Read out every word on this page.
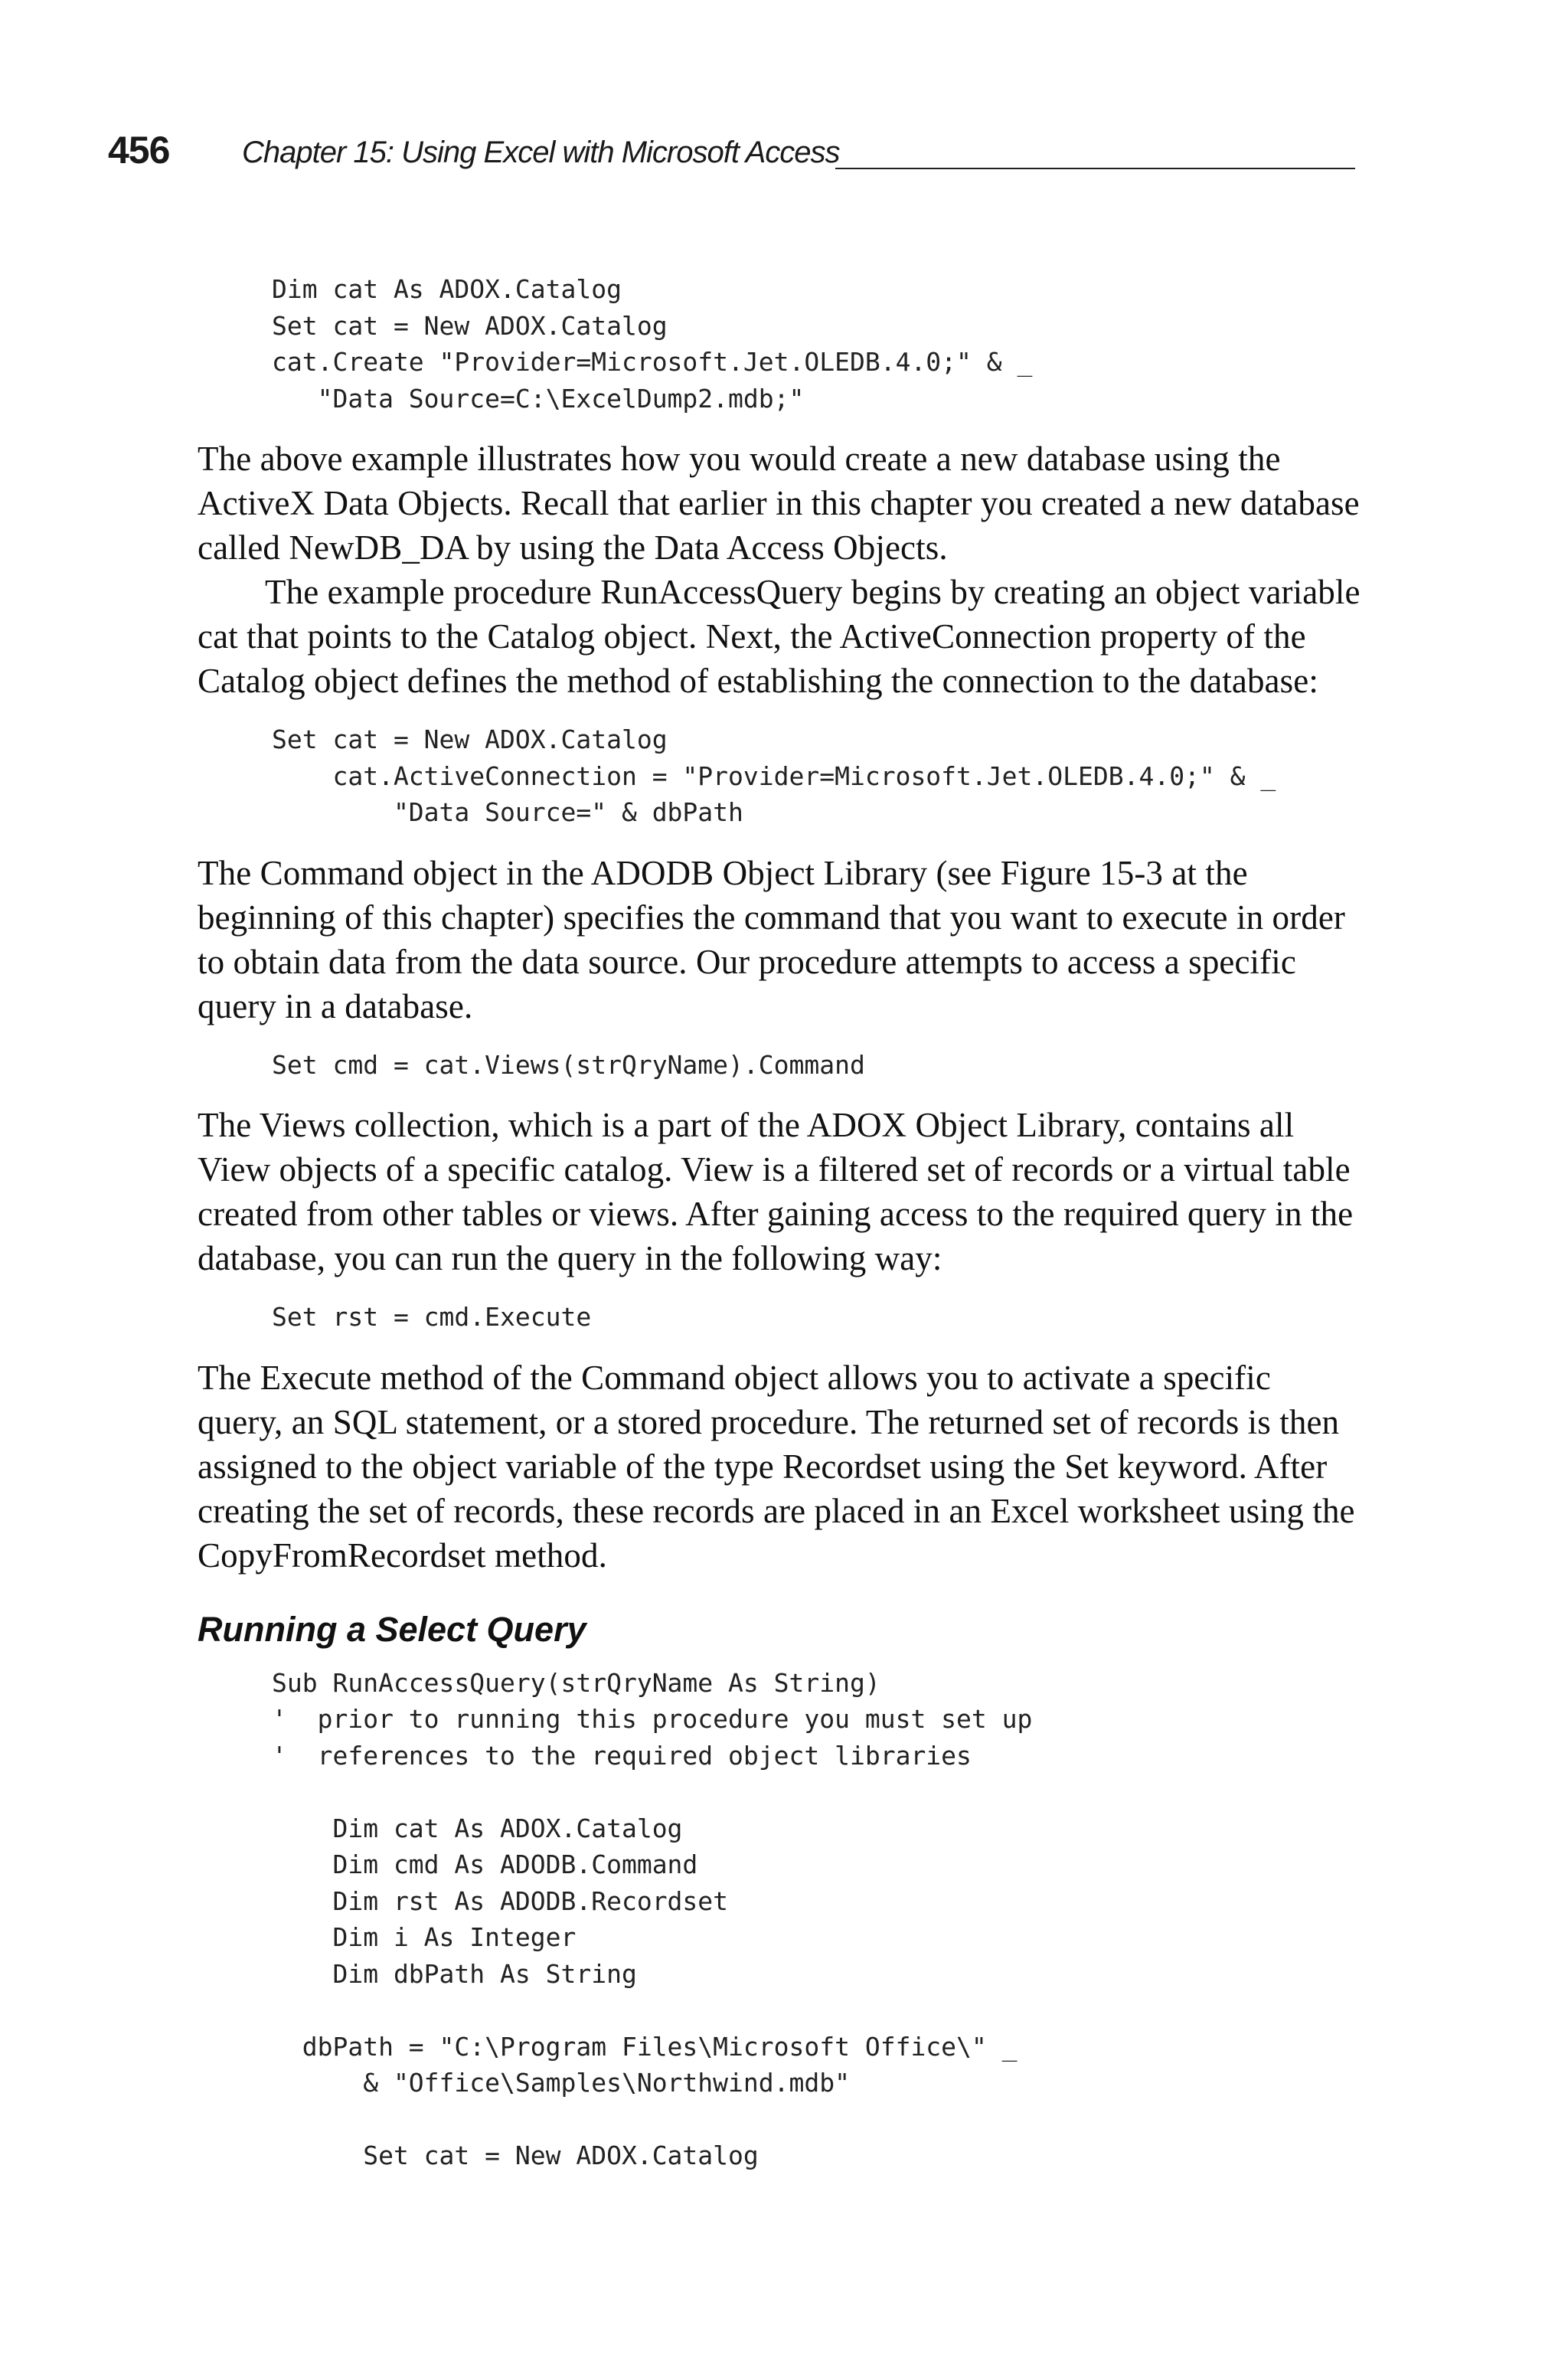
456 Chapter 15: Using Excel with Microsoft Access
Dim cat As ADOX.Catalog
Set cat = New ADOX.Catalog
cat.Create "Provider=Microsoft.Jet.OLEDB.4.0;" & _
"Data Source=C:\ExcelDump2.mdb;"

The above example illustrates how you would create a new database using the ActiveX Data Objects. Recall that earlier in this chapter you created a new database called NewDB_DA by using the Data Access Objects.

The example procedure RunAccessQuery begins by creating an object variable cat that points to the Catalog object. Next, the ActiveConnection property of the Catalog object defines the method of establishing the connection to the database:

Set cat = New ADOX.Catalog
cat.ActiveConnection = "Provider=Microsoft.Jet.OLEDB.4.0;" & _
"Data Source=" & dbPath

The Command object in the ADODB Object Library (see Figure 15-3 at the beginning of this chapter) specifies the command that you want to execute in order to obtain data from the data source. Our procedure attempts to access a specific query in a database.

Set cmd = cat.Views(strQryName).Command

The Views collection, which is a part of the ADOX Object Library, contains all View objects of a specific catalog. View is a filtered set of records or a virtual table created from other tables or views. After gaining access to the required query in the database, you can run the query in the following way:

Set rst = cmd.Execute

The Execute method of the Command object allows you to activate a specific query, an SQL statement, or a stored procedure. The returned set of records is then assigned to the object variable of the type Recordset using the Set keyword. After creating the set of records, these records are placed in an Excel worksheet using the CopyFromRecordset method.

Running a Select Query
Sub RunAccessQuery(strQryName As String)
'  prior to running this procedure you must set up
'  references to the required object libraries

Dim cat As ADOX.Catalog
Dim cmd As ADODB.Command
Dim rst As ADODB.Recordset
Dim i As Integer
Dim dbPath As String

dbPath = "C:\Program Files\Microsoft Office\" _
& "Office\Samples\Northwind.mdb"

Set cat = New ADOX.Catalog
